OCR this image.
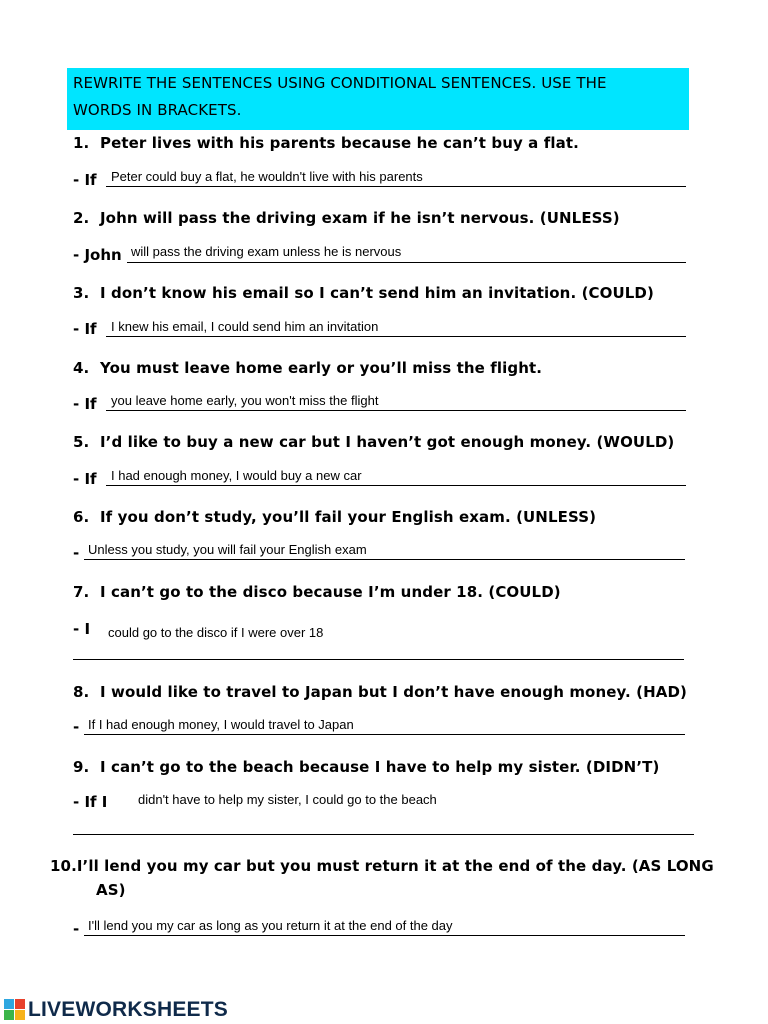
REWRITE THE SENTENCES USING CONDITIONAL SENTENCES. USE THE
WORDS IN BRACKETS.
1. Peter lives with his parents because he can’t buy a flat.
- If Peter could buy a flat, he wouldn't live with his parents
2. John will pass the driving exam if he isn’t nervous. (UNLESS)
- John will pass the driving exam unless he is nervous
3. I don’t know his email so I can’t send him an invitation. (COULD)
- If I knew his email, I could send him an invitation
4. You must leave home early or you’ll miss the flight.
- If you leave home early, you won't miss the flight
5. I’d like to buy a new car but I haven’t got enough money. (WOULD)
- If I had enough money, I would buy a new car
6. If you don’t study, you’ll fail your English exam. (UNLESS)
- Unless you study, you will fail your English exam
7. I can’t go to the disco because I’m under 18. (COULD)
- I could go to the disco if I were over 18
8. I would like to travel to Japan but I don’t have enough money. (HAD)
- If I had enough money, I would travel to Japan
9. I can’t go to the beach because I have to help my sister. (DIDN’T)
- If I didn't have to help my sister, I could go to the beach
10.I’ll lend you my car but you must return it at the end of the day. (AS LONG AS)
- I'll lend you my car as long as you return it at the end of the day
LIVEWORKSHEETS
